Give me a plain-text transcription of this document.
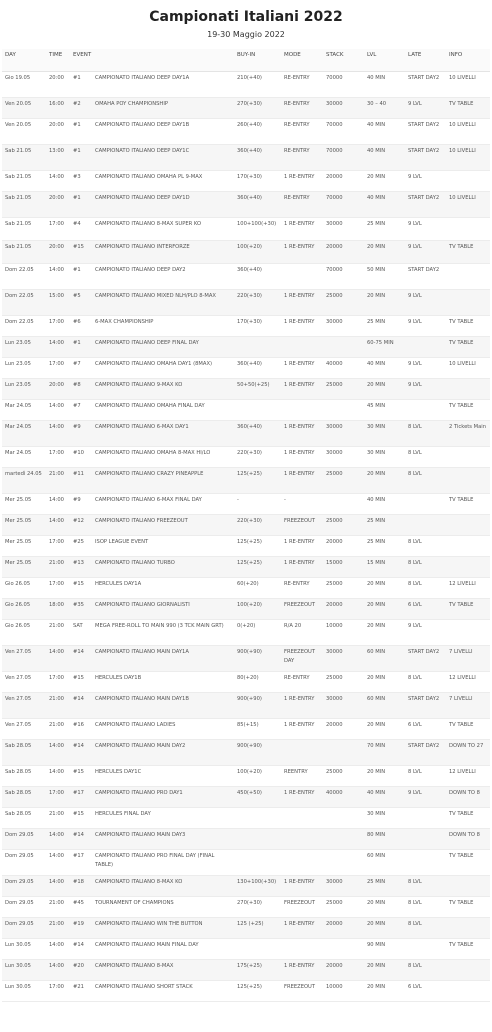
Campionati Italiani 2022
19-30 Maggio 2022
DAY	TIME	EVENT		BUY-IN	MODE	STACK	LVL	LATE	INFO
Gio 19.05	20:00	#1	CAMPIONATO ITALIANO DEEP DAY1A	210(+40)	RE-ENTRY	70000	40 MIN	START DAY2	10 LIVELLI
Ven 20.05	16:00	#2	OMAHA POY CHAMPIONSHIP	270(+30)	RE-ENTRY	30000	30 – 40	9 LVL	TV TABLE
Ven 20.05	20:00	#1	CAMPIONATO ITALIANO DEEP DAY1B	260(+40)	RE-ENTRY	70000	40 MIN	START DAY2	10 LIVELLI
Sab 21.05	13:00	#1	CAMPIONATO ITALIANO DEEP DAY1C	360(+40)	RE-ENTRY	70000	40 MIN	START DAY2	10 LIVELLI
Sab 21.05	14:00	#3	CAMPIONATO ITALIANO OMAHA PL 9-MAX	170(+30)	1 RE-ENTRY	20000	20 MIN	9 LVL	
Sab 21.05	20:00	#1	CAMPIONATO ITALIANO DEEP DAY1D	360(+40)	RE-ENTRY	70000	40 MIN	START DAY2	10 LIVELLI
Sab 21.05	17:00	#4	CAMPIONATO ITALIANO 8-MAX SUPER KO	100+100(+30)	1 RE-ENTRY	30000	25 MIN	9 LVL	
Sab 21.05	20:00	#15	CAMPIONATO ITALIANO INTERFORZE	100(+20)	1 RE-ENTRY	20000	20 MIN	9 LVL	TV TABLE
Dom 22.05	14:00	#1	CAMPIONATO ITALIANO DEEP DAY2	360(+40)		70000	50 MIN	START DAY2	
Dom 22.05	15:00	#5	CAMPIONATO ITALIANO MIXED NLH/PLO 8-MAX	220(+30)	1 RE-ENTRY	25000	20 MIN	9 LVL	
Dom 22.05	17:00	#6	6-MAX CHAMPIONSHIP	170(+30)	1 RE-ENTRY	30000	25 MIN	9 LVL	TV TABLE
Lun 23.05	14:00	#1	CAMPIONATO ITALIANO DEEP FINAL DAY				60-75 MIN		TV TABLE
Lun 23.05	17:00	#7	CAMPIONATO ITALIANO OMAHA DAY1 (8MAX)	360(+40)	1 RE-ENTRY	40000	40 MIN	9 LVL	10 LIVELLI
Lun 23.05	20:00	#8	CAMPIONATO ITALIANO 9-MAX KO	50+50(+25)	1 RE-ENTRY	25000	20 MIN	9 LVL	
Mar 24.05	14:00	#7	CAMPIONATO ITALIANO OMAHA FINAL DAY				45 MIN		TV TABLE
Mar 24.05	14:00	#9	CAMPIONATO ITALIANO 6-MAX DAY1	360(+40)	1 RE-ENTRY	30000	30 MIN	8 LVL	2 Tickets Main
Mar 24.05	17:00	#10	CAMPIONATO ITALIANO OMAHA 8-MAX HI/LO	220(+30)	1 RE-ENTRY	30000	30 MIN	8 LVL	
martedì 24.05	21:00	#11	CAMPIONATO ITALIANO CRAZY PINEAPPLE	125(+25)	1 RE-ENTRY	25000	20 MIN	8 LVL	
Mer 25.05	14:00	#9	CAMPIONATO ITALIANO 6-MAX FINAL DAY	-	-		40 MIN		TV TABLE
Mer 25.05	14:00	#12	CAMPIONATO ITALIANO FREEZEOUT	220(+30)	FREEZEOUT	25000	25 MIN		
Mer 25.05	17:00	#25	ISOP LEAGUE EVENT	125(+25)	1 RE-ENTRY	20000	25 MIN	8 LVL	
Mer 25.05	21:00	#13	CAMPIONATO ITALIANO TURBO	125(+25)	1 RE-ENTRY	15000	15 MIN	8 LVL	
Gio 26.05	17:00	#15	HERCULES DAY1A	60(+20)	RE-ENTRY	25000	20 MIN	8 LVL	12 LIVELLI
Gio 26.05	18:00	#35	CAMPIONATO ITALIANO GIORNALISTI	100(+20)	FREEZEOUT	20000	20 MIN	6 LVL	TV TABLE
Gio 26.05	21:00	SAT	MEGA FREE-ROLL TO MAIN 990 (3 TCK MAIN GRT)	0(+20)	R/A 20	10000	20 MIN	9 LVL	
Ven 27.05	14:00	#14	CAMPIONATO ITALIANO MAIN DAY1A	900(+90)	FREEZEOUT DAY	30000	60 MIN	START DAY2	7 LIVELLI
Ven 27.05	17:00	#15	HERCULES DAY1B	80(+20)	RE-ENTRY	25000	20 MIN	8 LVL	12 LIVELLI
Ven 27.05	21:00	#14	CAMPIONATO ITALIANO MAIN DAY1B	900(+90)	1 RE-ENTRY	30000	60 MIN	START DAY2	7 LIVELLI
Ven 27.05	21:00	#16	CAMPIONATO ITALIANO LADIES	85(+15)	1 RE-ENTRY	20000	20 MIN	6 LVL	TV TABLE
Sab 28.05	14:00	#14	CAMPIONATO ITALIANO MAIN DAY2	900(+90)			70 MIN	START DAY2	DOWN TO 27
Sab 28.05	14:00	#15	HERCULES DAY1C	100(+20)	REENTRY	25000	20 MIN	8 LVL	12 LIVELLI
Sab 28.05	17:00	#17	CAMPIONATO ITALIANO PRO DAY1	450(+50)	1 RE-ENTRY	40000	40 MIN	9 LVL	DOWN TO 8
Sab 28.05	21:00	#15	HERCULES FINAL DAY				30 MIN		TV TABLE
Dom 29.05	14:00	#14	CAMPIONATO ITALIANO MAIN DAY3				80 MIN		DOWN TO 8
Dom 29.05	14:00	#17	CAMPIONATO ITALIANO PRO FINAL DAY (FINAL TABLE)				60 MIN		TV TABLE
Dom 29.05	14:00	#18	CAMPIONATO ITALIANO 8-MAX KO	130+100(+30)	1 RE-ENTRY	30000	25 MIN	8 LVL	
Dom 29.05	21:00	#45	TOURNAMENT OF CHAMPIONS	270(+30)	FREEZEOUT	25000	20 MIN	8 LVL	TV TABLE
Dom 29.05	21:00	#19	CAMPIONATO ITALIANO WIN THE BUTTON	125 (+25)	1 RE-ENTRY	20000	20 MIN	8 LVL	
Lun 30.05	14:00	#14	CAMPIONATO ITALIANO MAIN FINAL DAY				90 MIN		TV TABLE
Lun 30.05	14:00	#20	CAMPIONATO ITALIANO 8-MAX	175(+25)	1 RE-ENTRY	20000	20 MIN	8 LVL	
Lun 30.05	17:00	#21	CAMPIONATO ITALIANO SHORT STACK	125(+25)	FREEZEOUT	10000	20 MIN	6 LVL	
